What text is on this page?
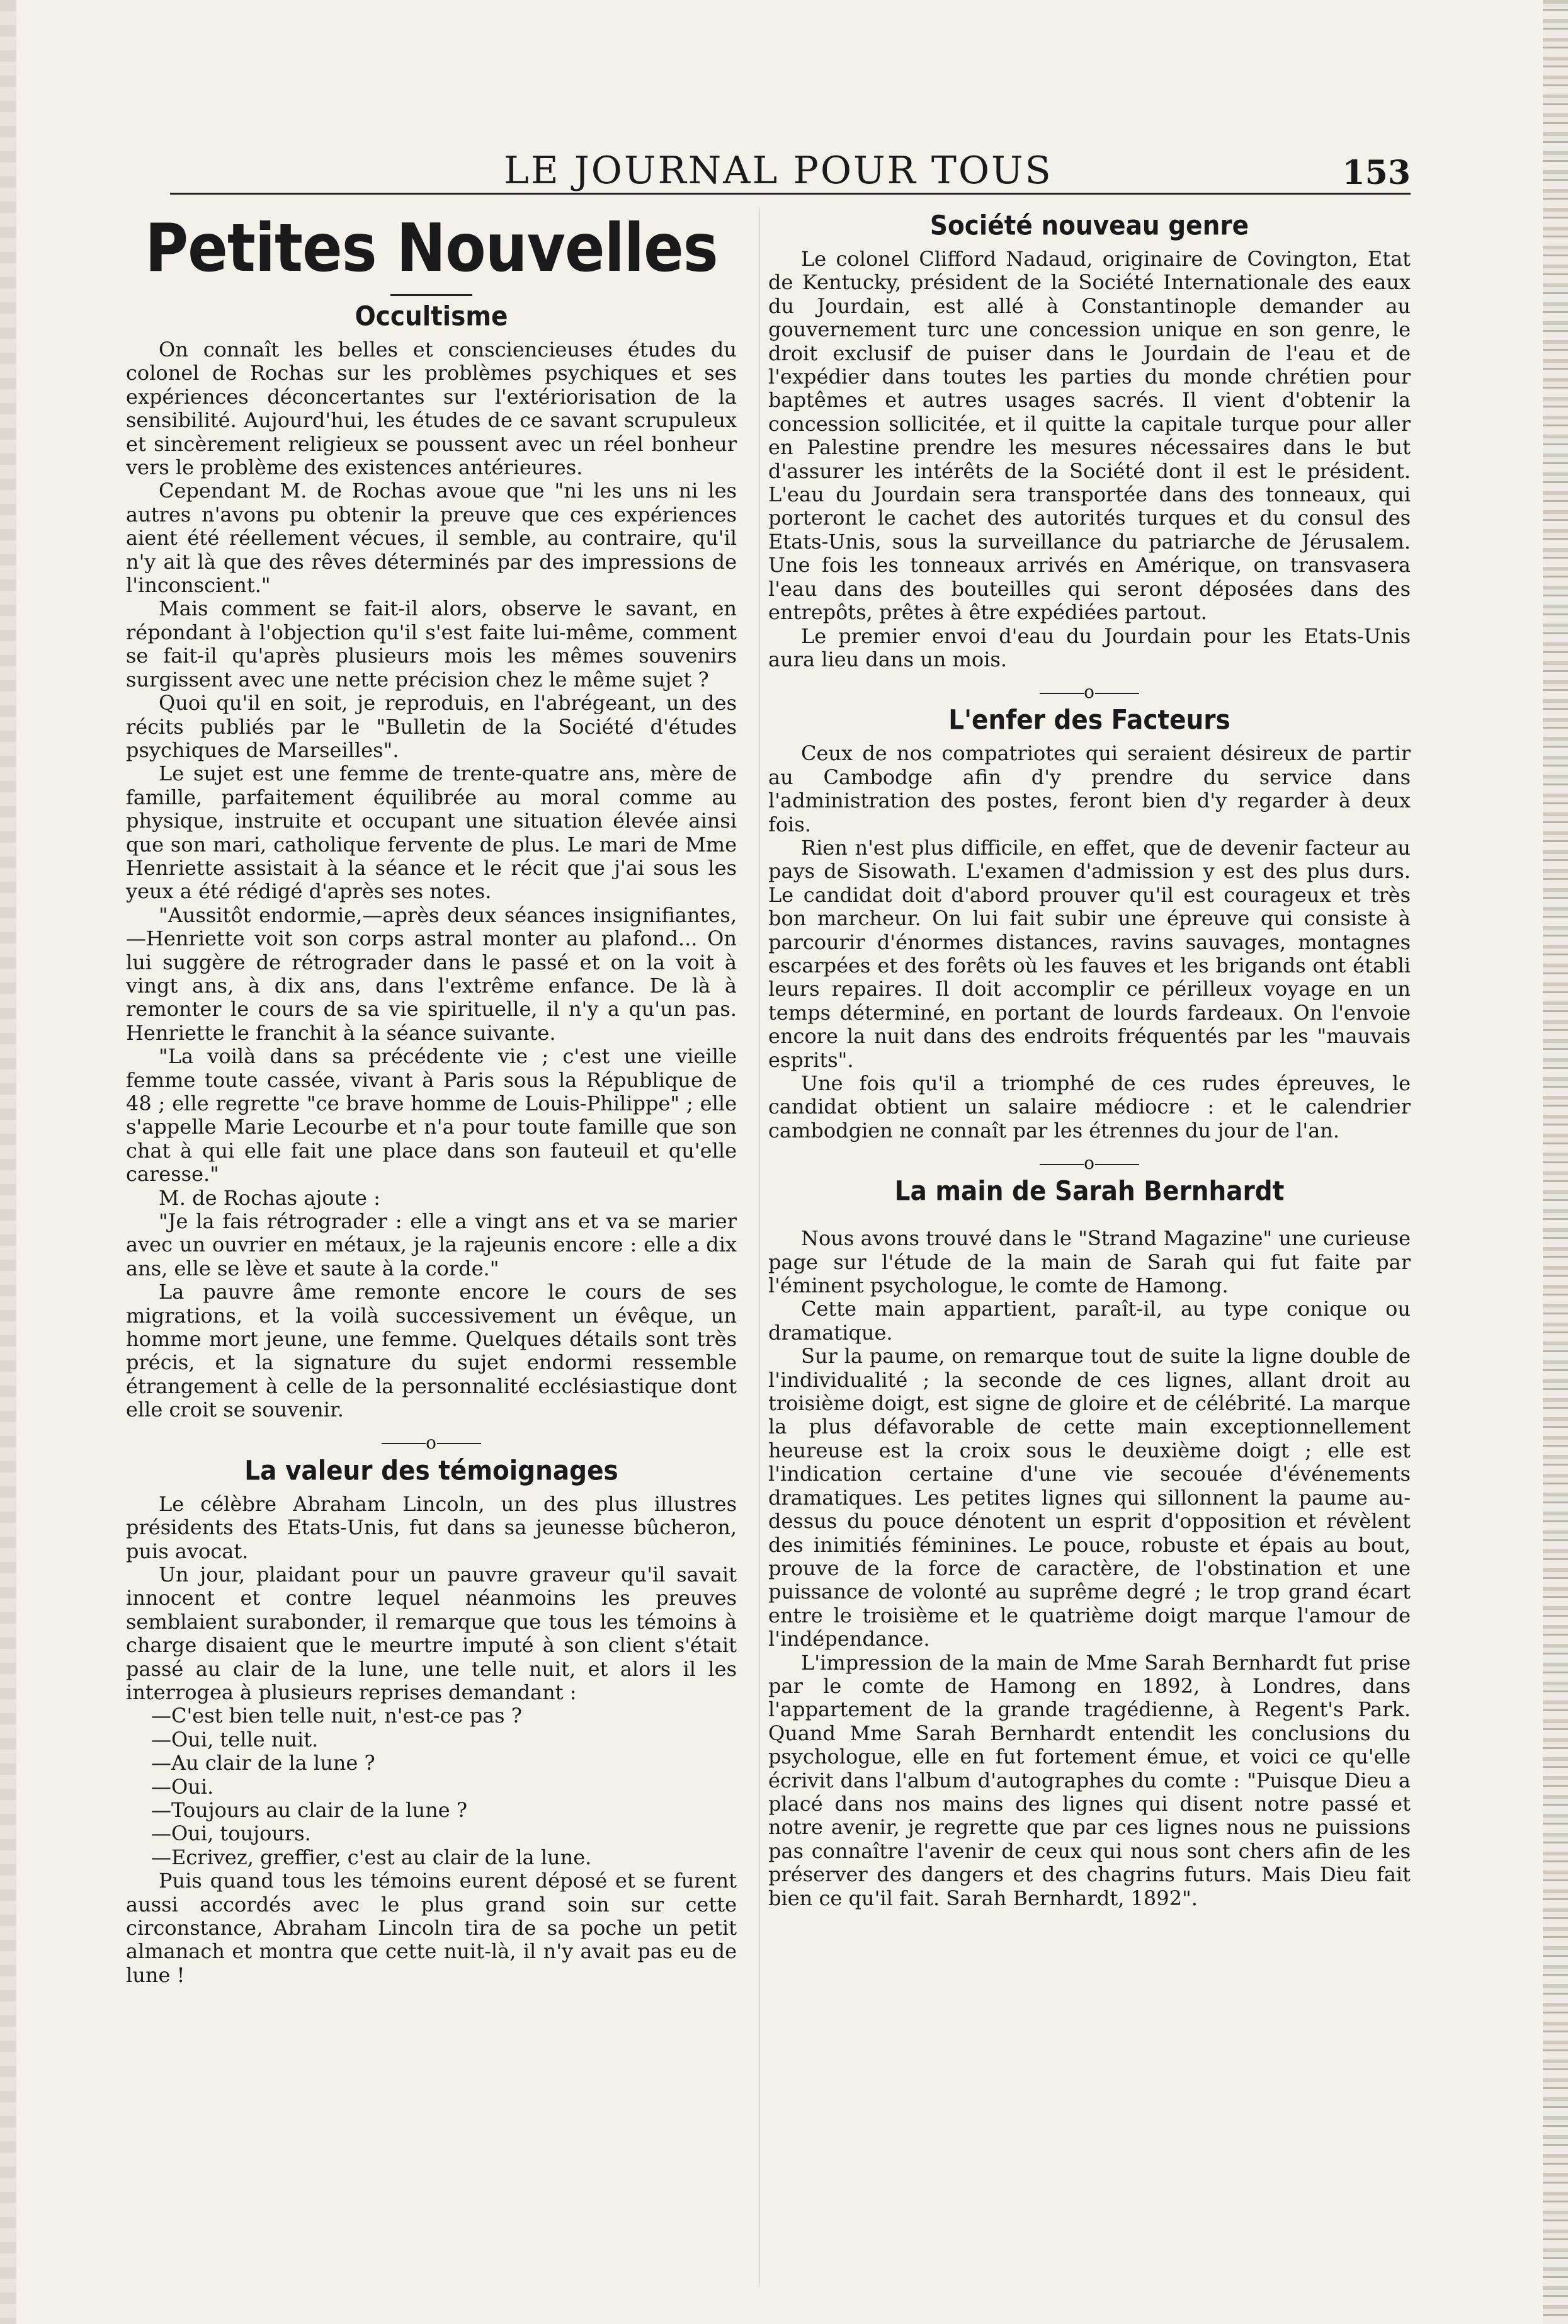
LE JOURNAL POUR TOUS	153
Petites Nouvelles
Occultisme

On connaît les belles et consciencieuses études du colonel de Rochas sur les problèmes psychiques et ses expériences déconcertantes sur l'extériorisation de la sensibilité. Aujourd'hui, les études de ce savant scrupuleux et sincèrement religieux se poussent avec un réel bonheur vers le problème des existences antérieures.

Cependant M. de Rochas avoue que "ni les uns ni les autres n'avons pu obtenir la preuve que ces expériences aient été réellement vécues, il semble, au contraire, qu'il n'y ait là que des rêves déterminés par des impressions de l'inconscient."

Mais comment se fait-il alors, observe le savant, en répondant à l'objection qu'il s'est faite lui-même, comment se fait-il qu'après plusieurs mois les mêmes souvenirs surgissent avec une nette précision chez le même sujet ?

Quoi qu'il en soit, je reproduis, en l'abrégeant, un des récits publiés par le "Bulletin de la Société d'études psychiques de Marseilles".

Le sujet est une femme de trente-quatre ans, mère de famille, parfaitement équilibrée au moral comme au physique, instruite et occupant une situation élevée ainsi que son mari, catholique fervente de plus. Le mari de Mme Henriette assistait à la séance et le récit que j'ai sous les yeux a été rédigé d'après ses notes.

"Aussitôt endormie,—après deux séances insignifiantes,—Henriette voit son corps astral monter au plafond... On lui suggère de rétrograder dans le passé et on la voit à vingt ans, à dix ans, dans l'extrême enfance. De là à remonter le cours de sa vie spirituelle, il n'y a qu'un pas. Henriette le franchit à la séance suivante.

"La voilà dans sa précédente vie ; c'est une vieille femme toute cassée, vivant à Paris sous la République de 48 ; elle regrette "ce brave homme de Louis-Philippe" ; elle s'appelle Marie Lecourbe et n'a pour toute famille que son chat à qui elle fait une place dans son fauteuil et qu'elle caresse."

M. de Rochas ajoute :

"Je la fais rétrograder : elle a vingt ans et va se marier avec un ouvrier en métaux, je la rajeunis encore : elle a dix ans, elle se lève et saute à la corde."

La pauvre âme remonte encore le cours de ses migrations, et la voilà successivement un évêque, un homme mort jeune, une femme. Quelques détails sont très précis, et la signature du sujet endormi ressemble étrangement à celle de la personnalité ecclésiastique dont elle croit se souvenir.

o
La valeur des témoignages

Le célèbre Abraham Lincoln, un des plus illustres présidents des Etats-Unis, fut dans sa jeunesse bûcheron, puis avocat.

Un jour, plaidant pour un pauvre graveur qu'il savait innocent et contre lequel néanmoins les preuves semblaient surabonder, il remarque que tous les témoins à charge disaient que le meurtre imputé à son client s'était passé au clair de la lune, une telle nuit, et alors il les interrogea à plusieurs reprises demandant :

—C'est bien telle nuit, n'est-ce pas ?

—Oui, telle nuit.

—Au clair de la lune ?

—Oui.

—Toujours au clair de la lune ?

—Oui, toujours.

—Ecrivez, greffier, c'est au clair de la lune.

Puis quand tous les témoins eurent déposé et se furent aussi accordés avec le plus grand soin sur cette circonstance, Abraham Lincoln tira de sa poche un petit almanach et montra que cette nuit-là, il n'y avait pas eu de lune !

Société nouveau genre

Le colonel Clifford Nadaud, originaire de Covington, Etat de Kentucky, président de la Société Internationale des eaux du Jourdain, est allé à Constantinople demander au gouvernement turc une concession unique en son genre, le droit exclusif de puiser dans le Jourdain de l'eau et de l'expédier dans toutes les parties du monde chrétien pour baptêmes et autres usages sacrés. Il vient d'obtenir la concession sollicitée, et il quitte la capitale turque pour aller en Palestine prendre les mesures nécessaires dans le but d'assurer les intérêts de la Société dont il est le président. L'eau du Jourdain sera transportée dans des tonneaux, qui porteront le cachet des autorités turques et du consul des Etats-Unis, sous la surveillance du patriarche de Jérusalem. Une fois les tonneaux arrivés en Amérique, on transvasera l'eau dans des bouteilles qui seront déposées dans des entrepôts, prêtes à être expédiées partout.

Le premier envoi d'eau du Jourdain pour les Etats-Unis aura lieu dans un mois.

o
L'enfer des Facteurs

Ceux de nos compatriotes qui seraient désireux de partir au Cambodge afin d'y prendre du service dans l'administration des postes, feront bien d'y regarder à deux fois.

Rien n'est plus difficile, en effet, que de devenir facteur au pays de Sisowath. L'examen d'admission y est des plus durs. Le candidat doit d'abord prouver qu'il est courageux et très bon marcheur. On lui fait subir une épreuve qui consiste à parcourir d'énormes distances, ravins sauvages, montagnes escarpées et des forêts où les fauves et les brigands ont établi leurs repaires. Il doit accomplir ce périlleux voyage en un temps déterminé, en portant de lourds fardeaux. On l'envoie encore la nuit dans des endroits fréquentés par les "mauvais esprits".

Une fois qu'il a triomphé de ces rudes épreuves, le candidat obtient un salaire médiocre : et le calendrier cambodgien ne connaît par les étrennes du jour de l'an.

o
La main de Sarah Bernhardt

Nous avons trouvé dans le "Strand Magazine" une curieuse page sur l'étude de la main de Sarah qui fut faite par l'éminent psychologue, le comte de Hamong.

Cette main appartient, paraît-il, au type conique ou dramatique.

Sur la paume, on remarque tout de suite la ligne double de l'individualité ; la seconde de ces lignes, allant droit au troisième doigt, est signe de gloire et de célébrité. La marque la plus défavorable de cette main exceptionnellement heureuse est la croix sous le deuxième doigt ; elle est l'indication certaine d'une vie secouée d'événements dramatiques. Les petites lignes qui sillonnent la paume au-dessus du pouce dénotent un esprit d'opposition et révèlent des inimitiés féminines. Le pouce, robuste et épais au bout, prouve de la force de caractère, de l'obstination et une puissance de volonté au suprême degré ; le trop grand écart entre le troisième et le quatrième doigt marque l'amour de l'indépendance.

L'impression de la main de Mme Sarah Bernhardt fut prise par le comte de Hamong en 1892, à Londres, dans l'appartement de la grande tragédienne, à Regent's Park. Quand Mme Sarah Bernhardt entendit les conclusions du psychologue, elle en fut fortement émue, et voici ce qu'elle écrivit dans l'album d'autographes du comte : "Puisque Dieu a placé dans nos mains des lignes qui disent notre passé et notre avenir, je regrette que par ces lignes nous ne puissions pas connaître l'avenir de ceux qui nous sont chers afin de les préserver des dangers et des chagrins futurs. Mais Dieu fait bien ce qu'il fait. Sarah Bernhardt, 1892".
